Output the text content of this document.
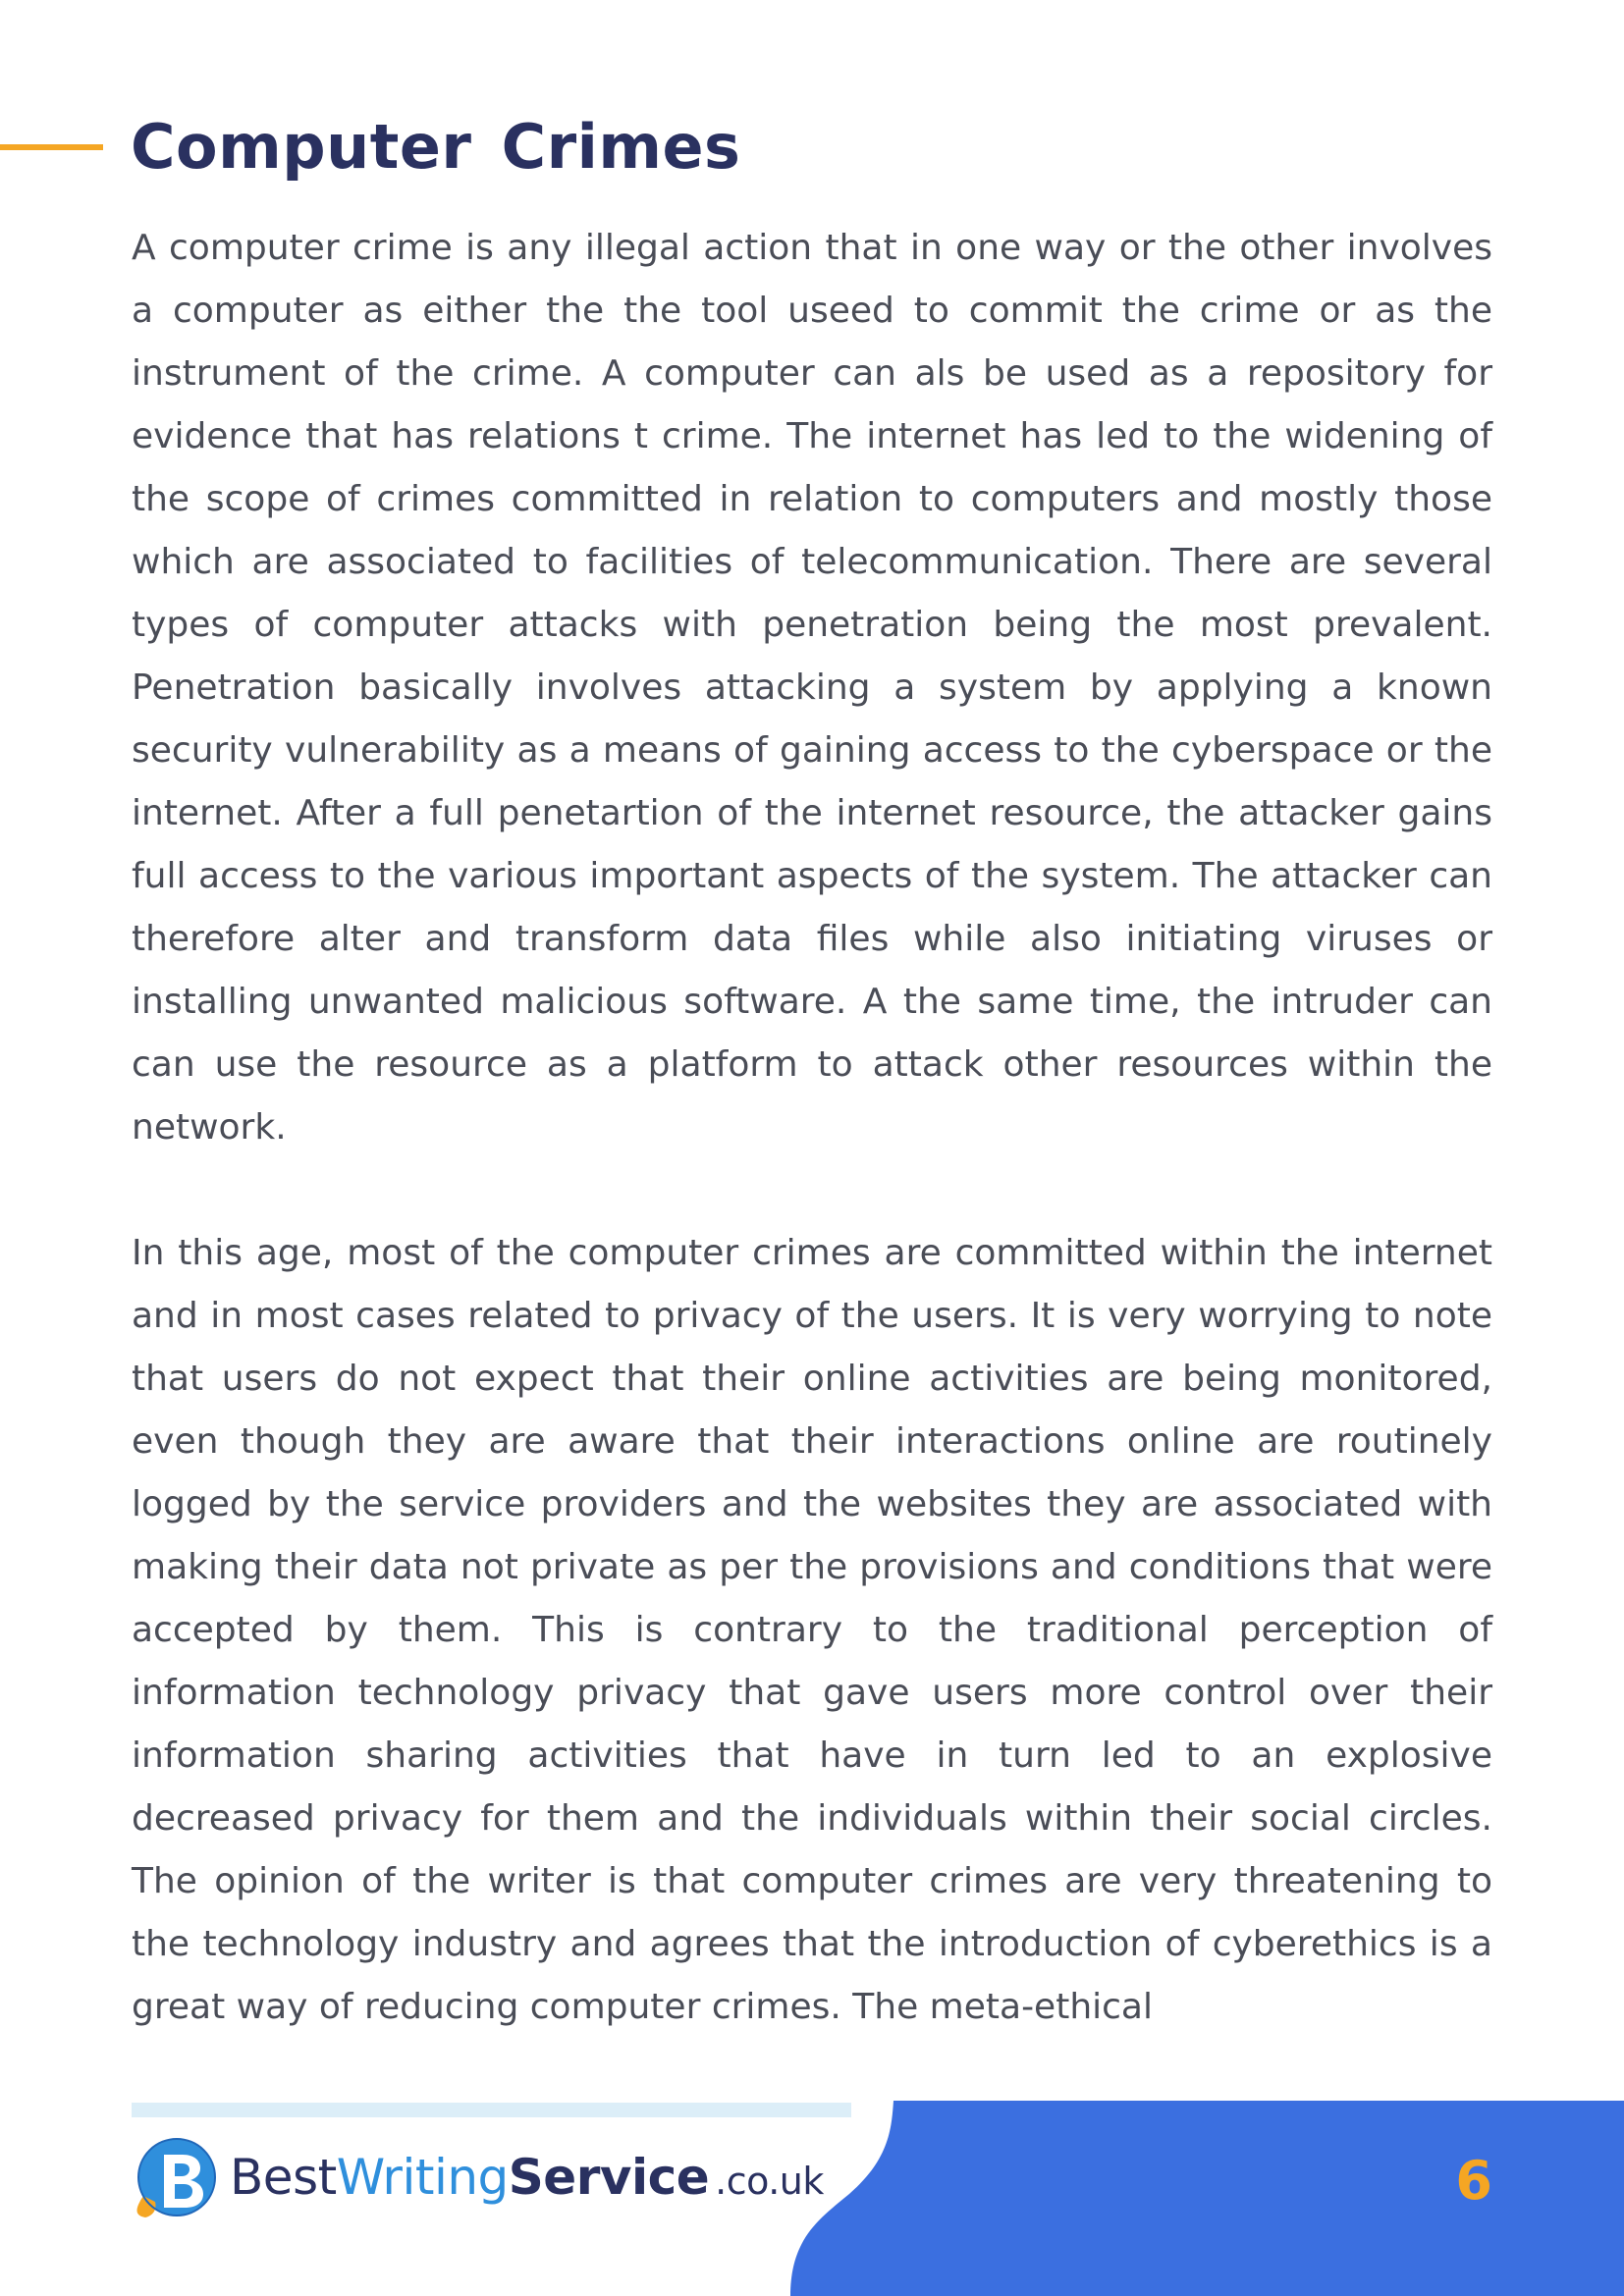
Computer Crimes

A computer crime is any illegal action that in one way or the other involves a computer as either the the tool useed to commit the crime or as the instrument of the crime. A computer can als be used as a repository for evidence that has relations t crime. The internet has led to the widening of the scope of crimes committed in relation to computers and mostly those which are associated to facilities of telecommunication. There are several types of computer attacks with penetration being the most prevalent. Penetration basically involves attacking a system by applying a known security vulnerability as a means of gaining access to the cyberspace or the internet. After a full penetartion of the internet resource, the attacker gains full access to the various important aspects of the system. The attacker can therefore alter and transform data files while also initiating viruses or installing unwanted malicious software. A the same time, the intruder can can use the resource as a platform to attack other resources within the network.

In this age, most of the computer crimes are committed within the internet and in most cases related to privacy of the users. It is very worrying to note that users do not expect that their online activities are being monitored, even though they are aware that their interactions online are routinely logged by the service providers and the websites they are associated with making their data not private as per the provisions and conditions that were accepted by them. This is contrary to the traditional perception of information technology privacy that gave users more control over their information sharing activities that have in turn led to an explosive decreased privacy for them and the individuals within their social circles. The opinion of the writer is that computer crimes are very threatening to the technology industry and agrees that the introduction of cyberethics is a great way of reducing computer crimes. The meta-ethical

6
BestWritingService .co.uk
